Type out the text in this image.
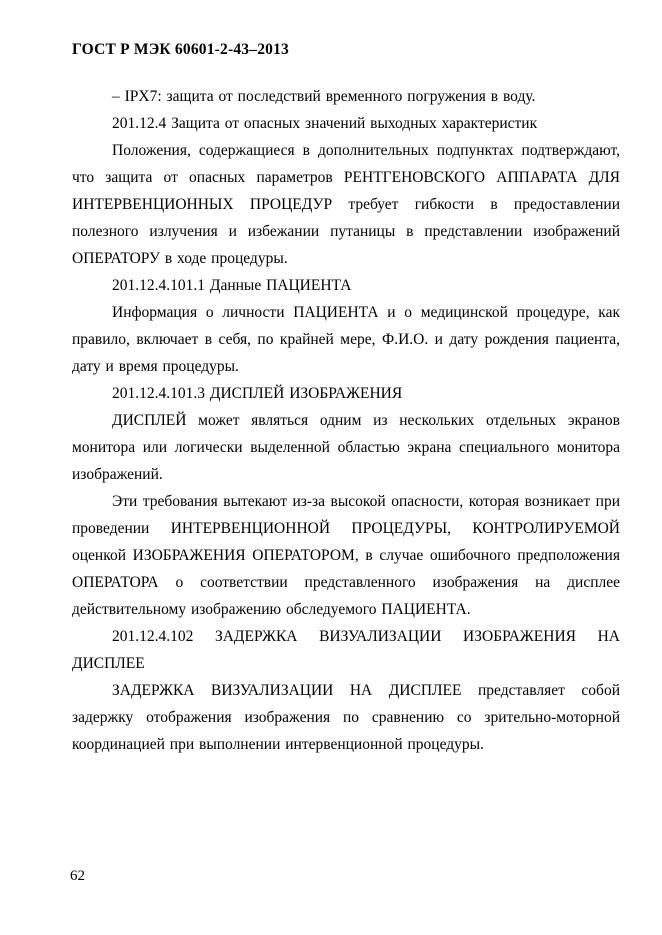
ГОСТ Р МЭК 60601-2-43–2013

– IPX7: защита от последствий временного погружения в воду.

201.12.4 Защита от опасных значений выходных характеристик

Положения, содержащиеся в дополнительных подпунктах подтверждают, что защита от опасных параметров РЕНТГЕНОВСКОГО АППАРАТА ДЛЯ ИНТЕРВЕНЦИОННЫХ ПРОЦЕДУР требует гибкости в предоставлении полезного излучения и избежании путаницы в представлении изображений ОПЕРАТОРУ в ходе процедуры.

201.12.4.101.1 Данные ПАЦИЕНТА

Информация о личности ПАЦИЕНТА и о медицинской процедуре, как правило, включает в себя, по крайней мере, Ф.И.О. и дату рождения пациента, дату и время процедуры.

201.12.4.101.3 ДИСПЛЕЙ ИЗОБРАЖЕНИЯ

ДИСПЛЕЙ может являться одним из нескольких отдельных экранов монитора или логически выделенной областью экрана специального монитора изображений.

Эти требования вытекают из-за высокой опасности, которая возникает при проведении ИНТЕРВЕНЦИОННОЙ ПРОЦЕДУРЫ, КОНТРОЛИРУЕМОЙ оценкой ИЗОБРАЖЕНИЯ ОПЕРАТОРОМ, в случае ошибочного предположения ОПЕРАТОРА о соответствии представленного изображения на дисплее действительному изображению обследуемого ПАЦИЕНТА.

201.12.4.102 ЗАДЕРЖКА ВИЗУАЛИЗАЦИИ ИЗОБРАЖЕНИЯ НА ДИСПЛЕЕ

ЗАДЕРЖКА ВИЗУАЛИЗАЦИИ НА ДИСПЛЕЕ представляет собой задержку отображения изображения по сравнению со зрительно-моторной координацией при выполнении интервенционной процедуры.

62
